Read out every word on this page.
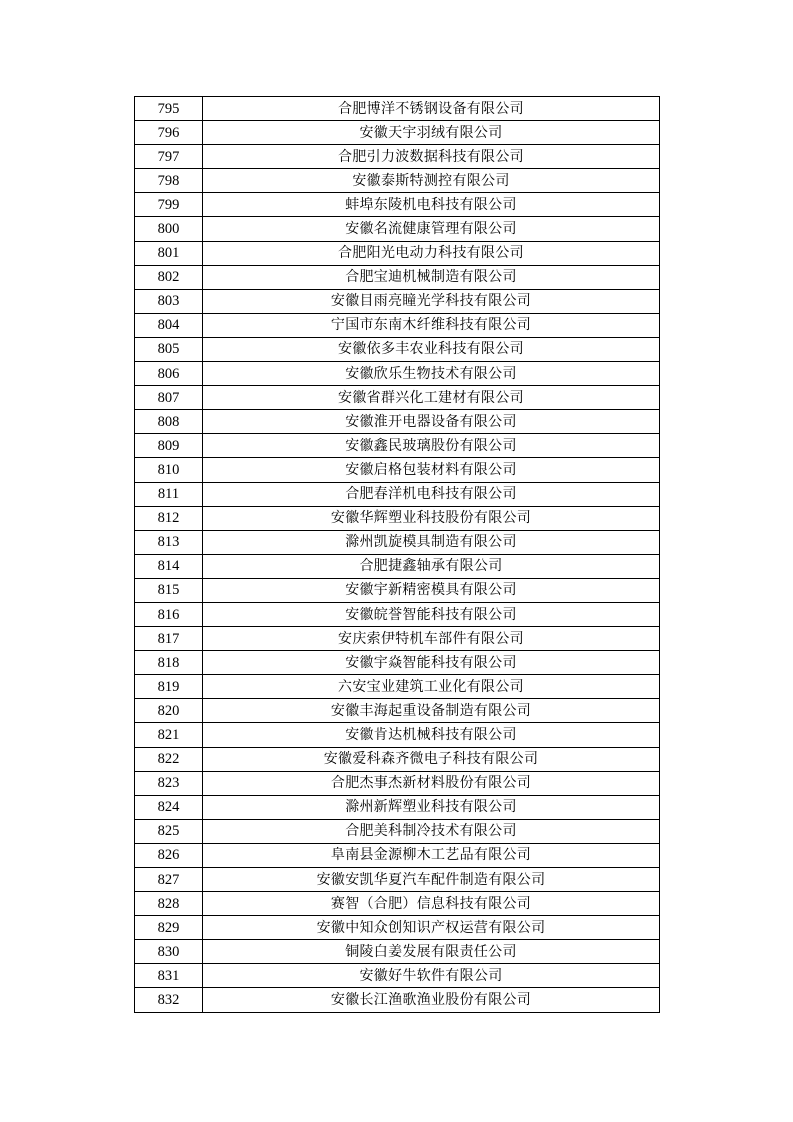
795	合肥博洋不锈钢设备有限公司
796	安徽天宇羽绒有限公司
797	合肥引力波数据科技有限公司
798	安徽泰斯特测控有限公司
799	蚌埠东陵机电科技有限公司
800	安徽名流健康管理有限公司
801	合肥阳光电动力科技有限公司
802	合肥宝迪机械制造有限公司
803	安徽目雨亮瞳光学科技有限公司
804	宁国市东南木纤维科技有限公司
805	安徽依多丰农业科技有限公司
806	安徽欣乐生物技术有限公司
807	安徽省群兴化工建材有限公司
808	安徽淮开电器设备有限公司
809	安徽鑫民玻璃股份有限公司
810	安徽启格包装材料有限公司
811	合肥春洋机电科技有限公司
812	安徽华辉塑业科技股份有限公司
813	滁州凯旋模具制造有限公司
814	合肥捷鑫轴承有限公司
815	安徽宇新精密模具有限公司
816	安徽皖誉智能科技有限公司
817	安庆索伊特机车部件有限公司
818	安徽宇焱智能科技有限公司
819	六安宝业建筑工业化有限公司
820	安徽丰海起重设备制造有限公司
821	安徽肯达机械科技有限公司
822	安徽爱科森齐微电子科技有限公司
823	合肥杰事杰新材料股份有限公司
824	滁州新辉塑业科技有限公司
825	合肥美科制冷技术有限公司
826	阜南县金源柳木工艺品有限公司
827	安徽安凯华夏汽车配件制造有限公司
828	赛智（合肥）信息科技有限公司
829	安徽中知众创知识产权运营有限公司
830	铜陵白姜发展有限责任公司
831	安徽好牛软件有限公司
832	安徽长江渔歌渔业股份有限公司
